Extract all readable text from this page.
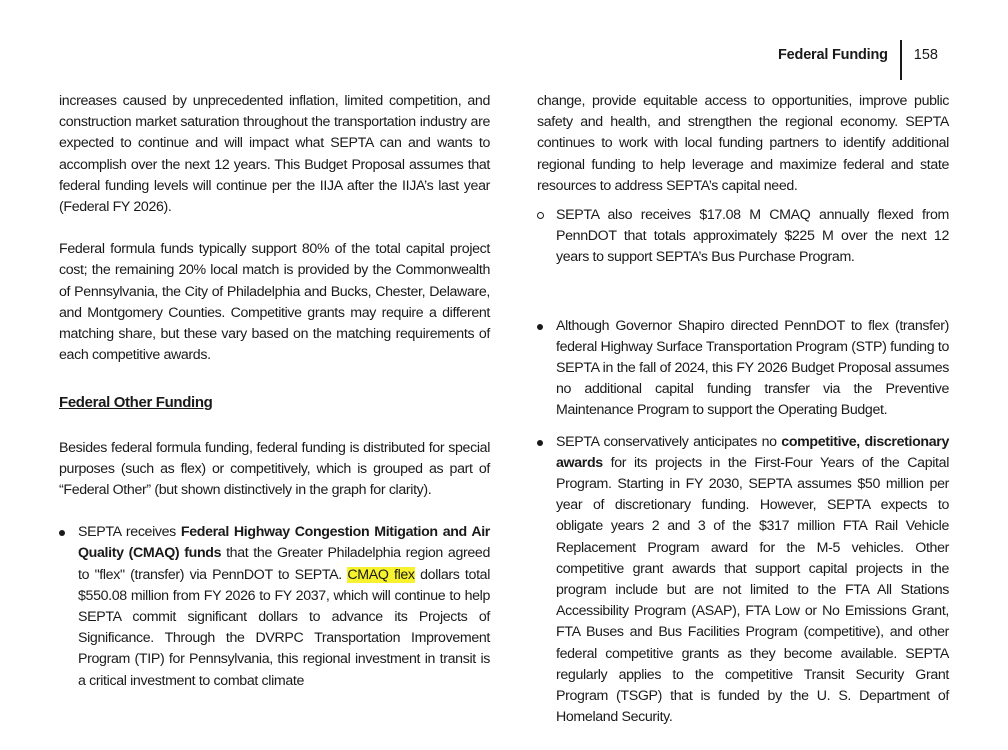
Federal Funding 158

increases caused by unprecedented inflation, limited competition, and construction market saturation throughout the transportation industry are expected to continue and will impact what SEPTA can and wants to accomplish over the next 12 years. This Budget Proposal assumes that federal funding levels will continue per the IIJA after the IIJA’s last year (Federal FY 2026).

Federal formula funds typically support 80% of the total capital project cost; the remaining 20% local match is provided by the Commonwealth of Pennsylvania, the City of Philadelphia and Bucks, Chester, Delaware, and Montgomery Counties. Competitive grants may require a different matching share, but these vary based on the matching requirements of each competitive awards.

Federal Other Funding

Besides federal formula funding, federal funding is distributed for special purposes (such as flex) or competitively, which is grouped as part of “Federal Other” (but shown distinctively in the graph for clarity).

SEPTA receives Federal Highway Congestion Mitigation and Air Quality (CMAQ) funds that the Greater Philadelphia region agreed to "flex" (transfer) via PennDOT to SEPTA. CMAQ flex dollars total $550.08 million from FY 2026 to FY 2037, which will continue to help SEPTA commit significant dollars to advance its Projects of Significance. Through the DVRPC Transportation Improvement Program (TIP) for Pennsylvania, this regional investment in transit is a critical investment to combat climate

change, provide equitable access to opportunities, improve public safety and health, and strengthen the regional economy. SEPTA continues to work with local funding partners to identify additional regional funding to help leverage and maximize federal and state resources to address SEPTA’s capital need.

SEPTA also receives $17.08 M CMAQ annually flexed from PennDOT that totals approximately $225 M over the next 12 years to support SEPTA’s Bus Purchase Program.

Although Governor Shapiro directed PennDOT to flex (transfer) federal Highway Surface Transportation Program (STP) funding to SEPTA in the fall of 2024, this FY 2026 Budget Proposal assumes no additional capital funding transfer via the Preventive Maintenance Program to support the Operating Budget.

SEPTA conservatively anticipates no competitive, discretionary awards for its projects in the First-Four Years of the Capital Program. Starting in FY 2030, SEPTA assumes $50 million per year of discretionary funding. However, SEPTA expects to obligate years 2 and 3 of the $317 million FTA Rail Vehicle Replacement Program award for the M-5 vehicles. Other competitive grant awards that support capital projects in the program include but are not limited to the FTA All Stations Accessibility Program (ASAP), FTA Low or No Emissions Grant, FTA Buses and Bus Facilities Program (competitive), and other federal competitive grants as they become available. SEPTA regularly applies to the competitive Transit Security Grant Program (TSGP) that is funded by the U. S. Department of Homeland Security.
